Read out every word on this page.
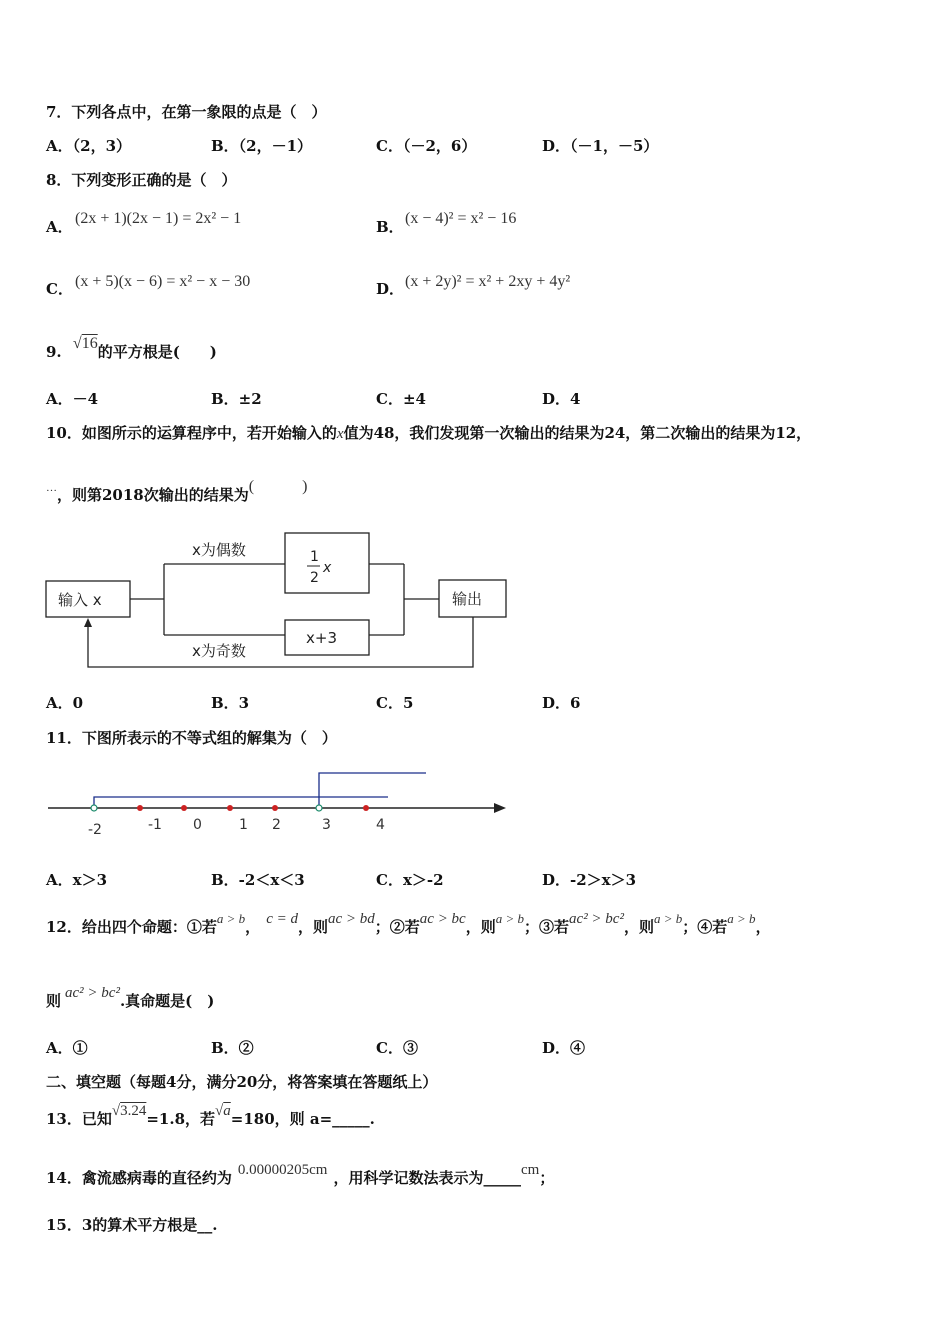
7．下列各点中，在第一象限的点是（　）
A．（2，3）	B．（2，－1）	C．（－2，6）	D．（－1，－5）
8．下列变形正确的是（　）
A． (2x + 1)(2x − 1) = 2x² − 1	B． (x − 4)² = x² − 16
C． (x + 5)(x − 6) = x² − x − 30	D． (x + 2y)² = x² + 2xy + 4y²
9. √16的平方根是(　　)
A．－4	B．±2	C．±4	D．4
10．如图所示的运算程序中，若开始输入的x值为48，我们发现第一次输出的结果为24，第二次输出的结果为12，
…，则第2018次输出的结果为(　　　)
输入 x
x为偶数
x为奇数
1
2
x
x+3
输出
A．0	B．3	C．5	D．6
11．下图所表示的不等式组的解集为（　）
-2	-1 0	1 2	3	4
A．x＞3	B．-2＜x＜3	C．x＞-2	D．-2＞x＞3
12．给出四个命题：①若a > b， c = d，则ac > bd；②若ac > bc，则a > b；③若ac² > bc²，则a > b；④若a > b，
则 ac² > bc².真命题是(　)
A．①	B．②	C．③	D．④
二、填空题（每题4分，满分20分，将答案填在答题纸上）
13．已知√3.24=1.8，若√a=180，则 a=_____.
14．禽流感病毒的直径约为 0.00000205cm ，用科学记数法表示为_____cm；
15．3的算术平方根是__.
